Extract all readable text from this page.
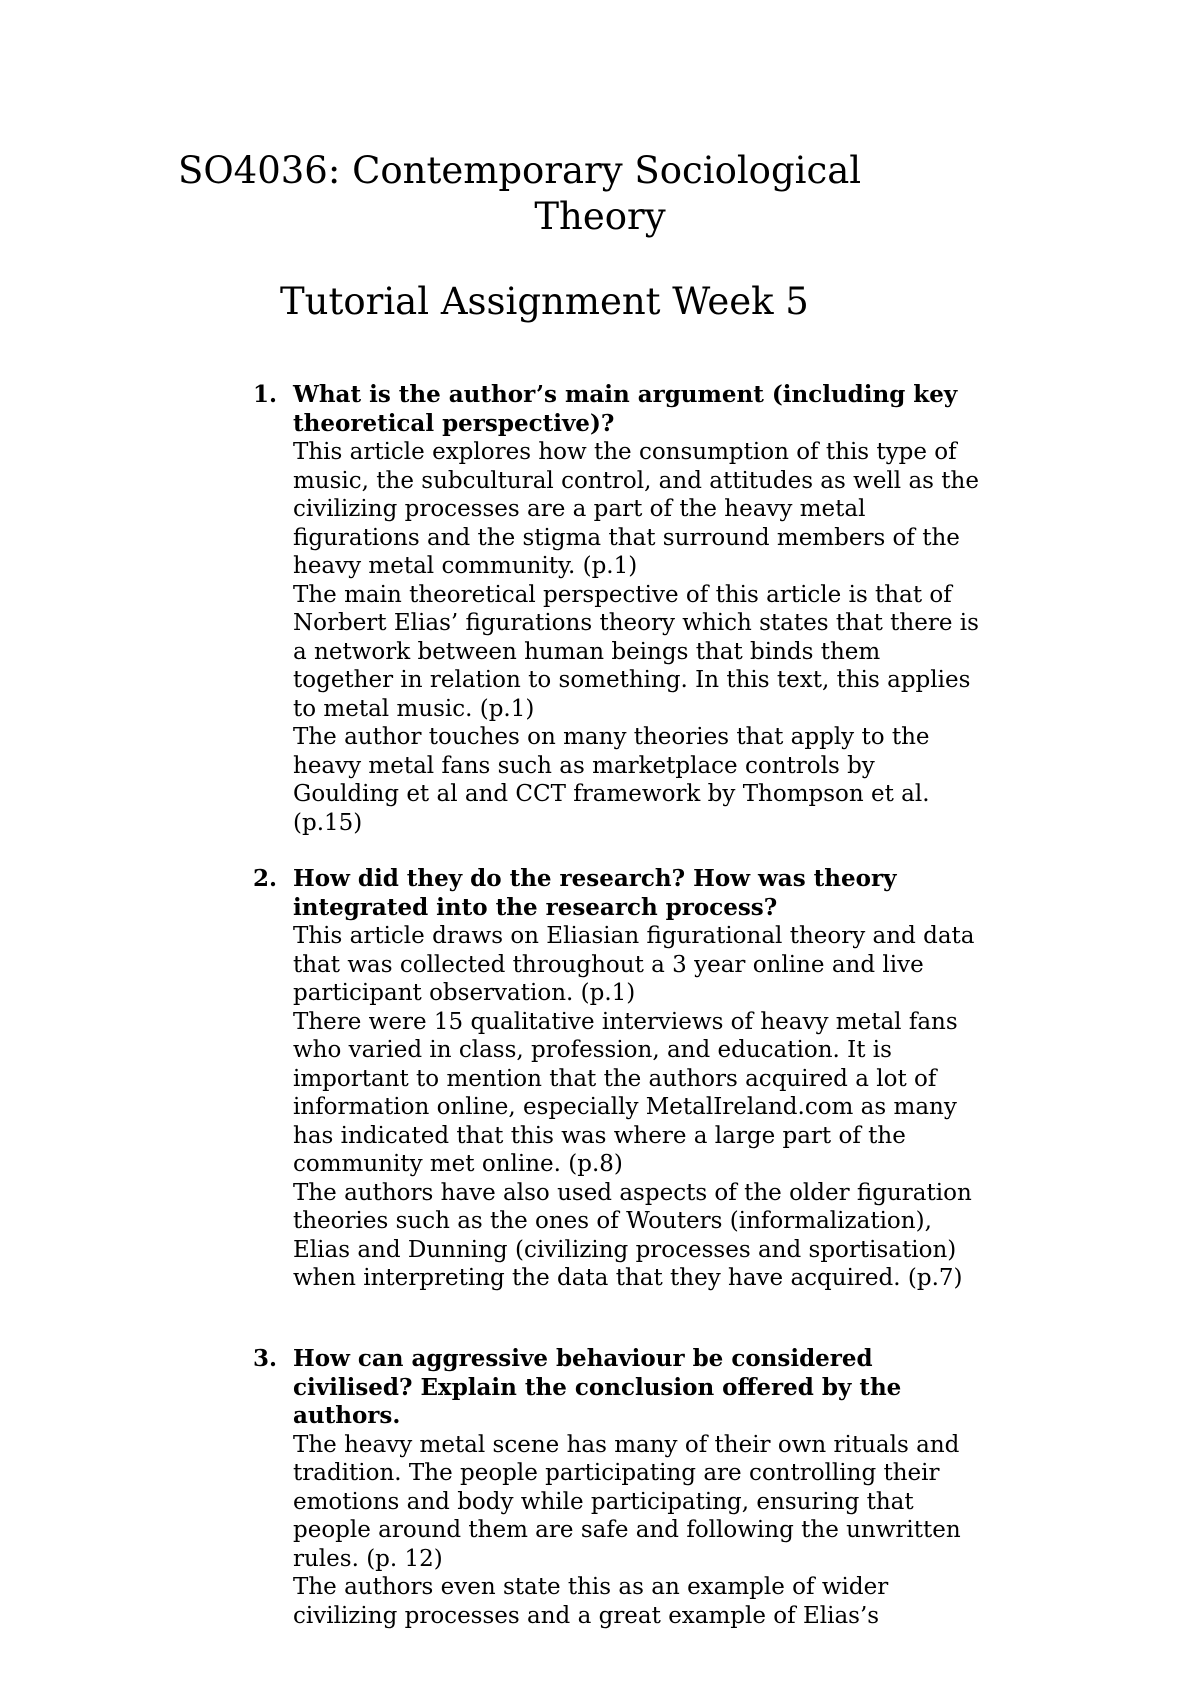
SO4036: Contemporary Sociological
Theory
Tutorial Assignment Week 5
1. What is the author’s main argument (including key

theoretical perspective)?

This article explores how the consumption of this type of

music, the subcultural control, and attitudes as well as the

civilizing processes are a part of the heavy metal

figurations and the stigma that surround members of the

heavy metal community. (p.1)

The main theoretical perspective of this article is that of

Norbert Elias’ figurations theory which states that there is

a network between human beings that binds them

together in relation to something. In this text, this applies

to metal music. (p.1)

The author touches on many theories that apply to the

heavy metal fans such as marketplace controls by

Goulding et al and CCT framework by Thompson et al.

(p.15)

2. How did they do the research? How was theory

integrated into the research process?

This article draws on Eliasian figurational theory and data

that was collected throughout a 3 year online and live

participant observation. (p.1)

There were 15 qualitative interviews of heavy metal fans

who varied in class, profession, and education. It is

important to mention that the authors acquired a lot of

information online, especially MetalIreland.com as many

has indicated that this was where a large part of the

community met online. (p.8)

The authors have also used aspects of the older figuration

theories such as the ones of Wouters (informalization),

Elias and Dunning (civilizing processes and sportisation)

when interpreting the data that they have acquired. (p.7)

3. How can aggressive behaviour be considered

civilised? Explain the conclusion offered by the

authors.

The heavy metal scene has many of their own rituals and

tradition. The people participating are controlling their

emotions and body while participating, ensuring that

people around them are safe and following the unwritten

rules. (p. 12)

The authors even state this as an example of wider

civilizing processes and a great example of Elias’s
